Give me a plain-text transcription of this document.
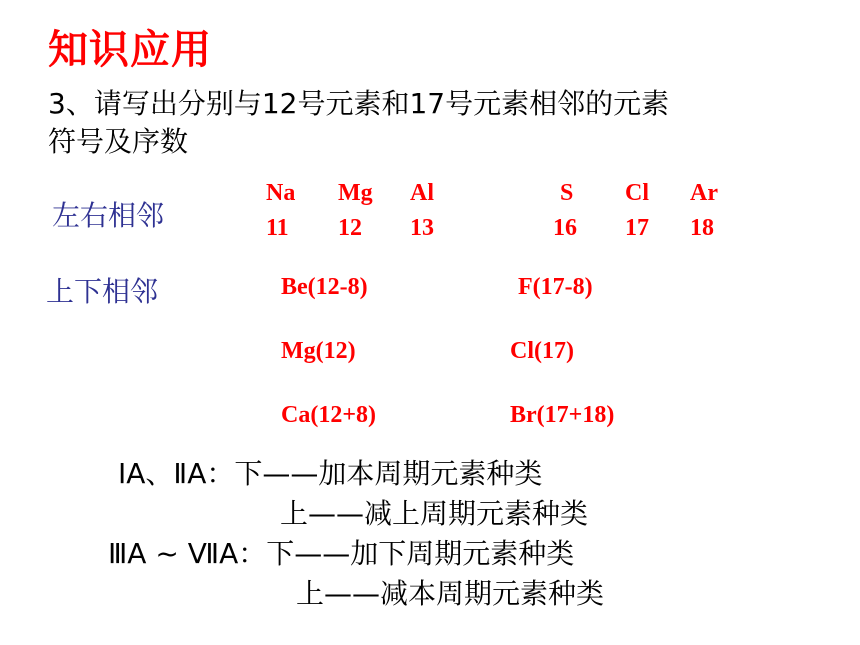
知识应用
3、请写出分别与12号元素和17号元素相邻的元素
符号及序数
左右相邻
Na
11
Mg
12
Al
13
S
16
Cl
17
Ar
18
上下相邻	Be(12-8)
Mg(12)
Ca(12+8)
F(17-8)
Cl(17)
Br(17+18)
ⅠA、ⅡA：下——加本周期元素种类
上——减上周期元素种类
ⅢA ~ ⅦA：下——加下周期元素种类
上——减本周期元素种类
